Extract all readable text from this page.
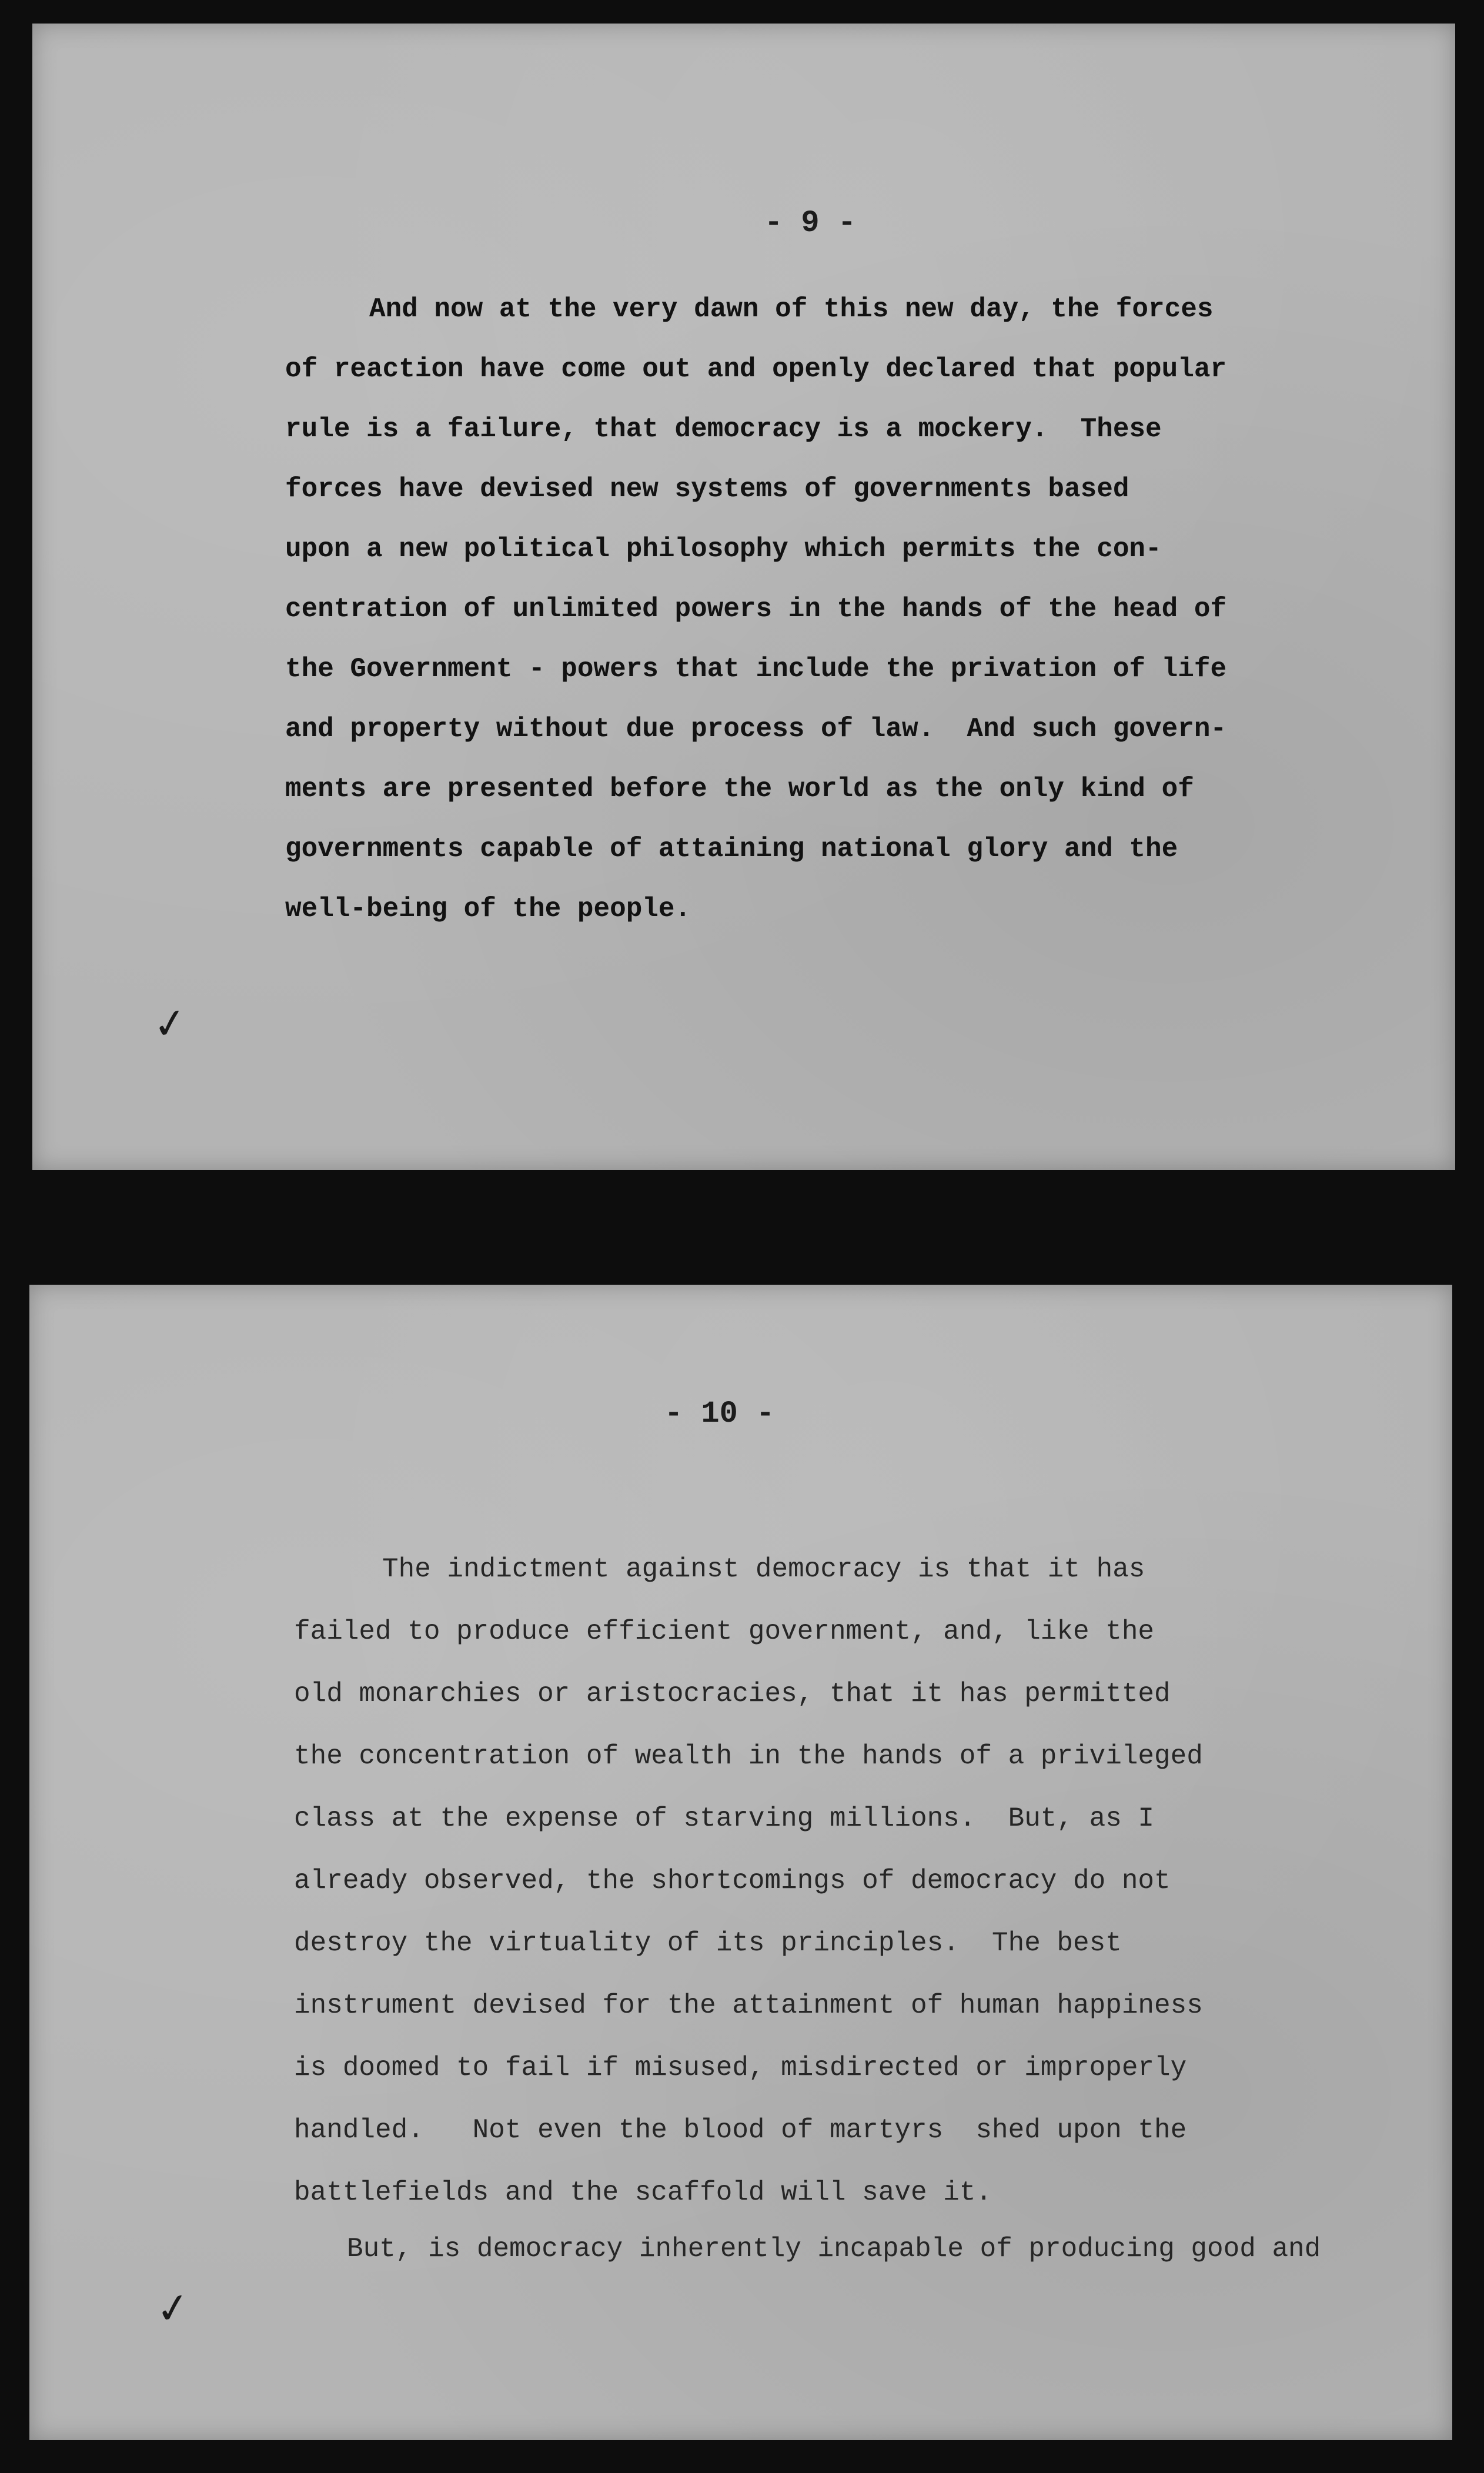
- 9 -
And now at the very dawn of this new day, the forces
of reaction have come out and openly declared that popular
rule is a failure, that democracy is a mockery.  These
forces have devised new systems of governments based
upon a new political philosophy which permits the con-
centration of unlimited powers in the hands of the head of
the Government - powers that include the privation of life
and property without due process of law.  And such govern-
ments are presented before the world as the only kind of
governments capable of attaining national glory and the
well-being of the people.
✓
- 10 -
The indictment against democracy is that it has
failed to produce efficient government, and, like the
old monarchies or aristocracies, that it has permitted
the concentration of wealth in the hands of a privileged
class at the expense of starving millions.  But, as I
already observed, the shortcomings of democracy do not
destroy the virtuality of its principles.  The best
instrument devised for the attainment of human happiness
is doomed to fail if misused, misdirected or improperly
handled.   Not even the blood of martyrs  shed upon the
battlefields and the scaffold will save it.
But, is democracy inherently incapable of producing good and
✓
